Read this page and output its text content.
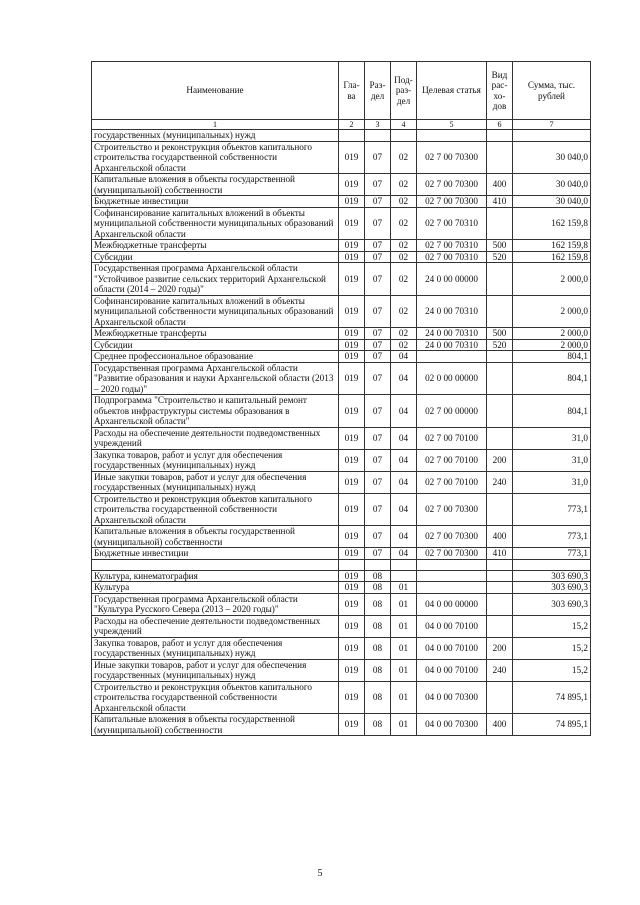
Наименование	Гла-ва	Раз-дел	Под-раз-дел	Целевая статья	Вид рас-хо-дов	Сумма, тыс. рублей
1	2	3	4	5	6	7
государственных (муниципальных) нужд						
Строительство и реконструкция объектов капитального строительства государственной собственности Архангельской области	019	07	02	02 7 00 70300		30 040,0
Капитальные вложения в объекты государственной (муниципальной) собственности	019	07	02	02 7 00 70300	400	30 040,0
Бюджетные инвестиции	019	07	02	02 7 00 70300	410	30 040,0
Софинансирование капитальных вложений в объекты муниципальной собственности муниципальных образований Архангельской области	019	07	02	02 7 00 70310		162 159,8
Межбюджетные трансферты	019	07	02	02 7 00 70310	500	162 159,8
Субсидии	019	07	02	02 7 00 70310	520	162 159,8
Государственная программа Архангельской области "Устойчивое развитие сельских территорий Архангельской области (2014 – 2020 годы)"	019	07	02	24 0 00 00000		2 000,0
Софинансирование капитальных вложений в объекты муниципальной собственности муниципальных образований Архангельской области	019	07	02	24 0 00 70310		2 000,0
Межбюджетные трансферты	019	07	02	24 0 00 70310	500	2 000,0
Субсидии	019	07	02	24 0 00 70310	520	2 000,0
Среднее профессиональное образование	019	07	04			804,1
Государственная программа Архангельской области "Развитие образования и науки Архангельской области (2013 – 2020 годы)"	019	07	04	02 0 00 00000		804,1
Подпрограмма "Строительство и капитальный ремонт объектов инфраструктуры системы образования в Архангельской области"	019	07	04	02 7 00 00000		804,1
Расходы на обеспечение деятельности подведомственных учреждений	019	07	04	02 7 00 70100		31,0
Закупка товаров, работ и услуг для обеспечения государственных (муниципальных) нужд	019	07	04	02 7 00 70100	200	31,0
Иные закупки товаров, работ и услуг для обеспечения государственных (муниципальных) нужд	019	07	04	02 7 00 70100	240	31,0
Строительство и реконструкция объектов капитального строительства государственной собственности Архангельской области	019	07	04	02 7 00 70300		773,1
Капитальные вложения в объекты государственной (муниципальной) собственности	019	07	04	02 7 00 70300	400	773,1
Бюджетные инвестиции	019	07	04	02 7 00 70300	410	773,1

Культура, кинематография	019	08				303 690,3
Культура	019	08	01			303 690,3
Государственная программа Архангельской области "Культура Русского Севера (2013 – 2020 годы)"	019	08	01	04 0 00 00000		303 690,3
Расходы на обеспечение деятельности подведомственных учреждений	019	08	01	04 0 00 70100		15,2
Закупка товаров, работ и услуг для обеспечения государственных (муниципальных) нужд	019	08	01	04 0 00 70100	200	15,2
Иные закупки товаров, работ и услуг для обеспечения государственных (муниципальных) нужд	019	08	01	04 0 00 70100	240	15,2
Строительство и реконструкция объектов капитального строительства государственной собственности Архангельской области	019	08	01	04 0 00 70300		74 895,1
Капитальные вложения в объекты государственной (муниципальной) собственности	019	08	01	04 0 00 70300	400	74 895,1
5
